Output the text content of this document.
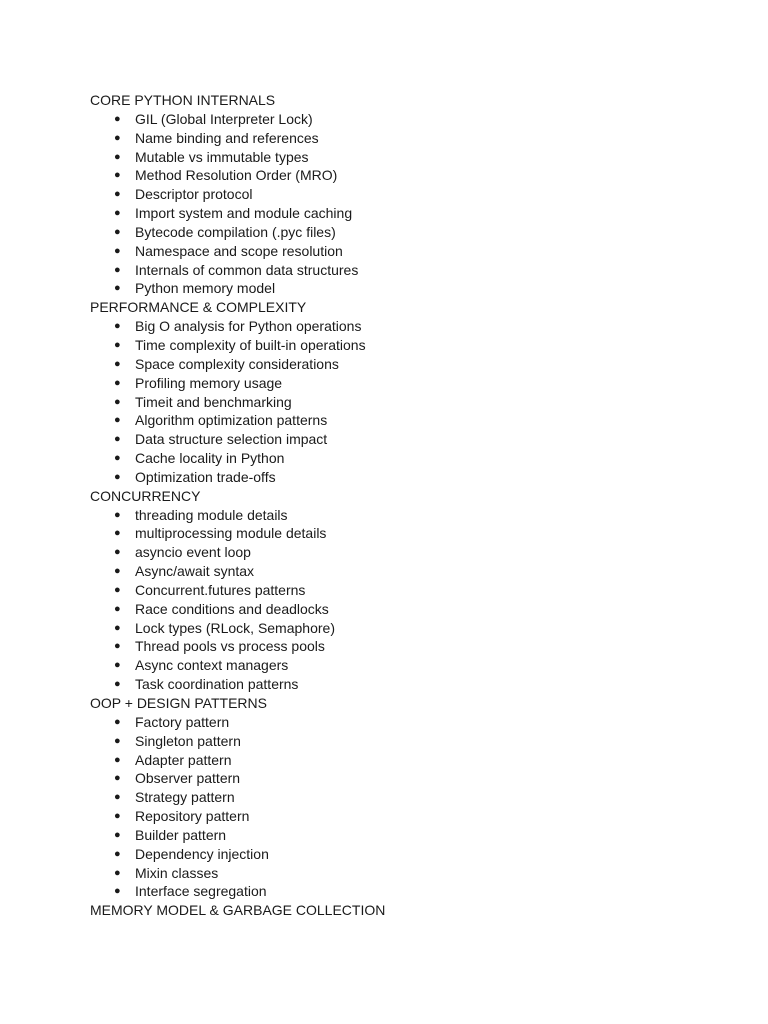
CORE PYTHON INTERNALS
● GIL (Global Interpreter Lock)
● Name binding and references
● Mutable vs immutable types
● Method Resolution Order (MRO)
● Descriptor protocol
● Import system and module caching
● Bytecode compilation (.pyc files)
● Namespace and scope resolution
● Internals of common data structures
● Python memory model
PERFORMANCE & COMPLEXITY
● Big O analysis for Python operations
● Time complexity of built-in operations
● Space complexity considerations
● Profiling memory usage
● Timeit and benchmarking
● Algorithm optimization patterns
● Data structure selection impact
● Cache locality in Python
● Optimization trade-offs
CONCURRENCY
● threading module details
● multiprocessing module details
● asyncio event loop
● Async/await syntax
● Concurrent.futures patterns
● Race conditions and deadlocks
● Lock types (RLock, Semaphore)
● Thread pools vs process pools
● Async context managers
● Task coordination patterns
OOP + DESIGN PATTERNS
● Factory pattern
● Singleton pattern
● Adapter pattern
● Observer pattern
● Strategy pattern
● Repository pattern
● Builder pattern
● Dependency injection
● Mixin classes
● Interface segregation
MEMORY MODEL & GARBAGE COLLECTION
